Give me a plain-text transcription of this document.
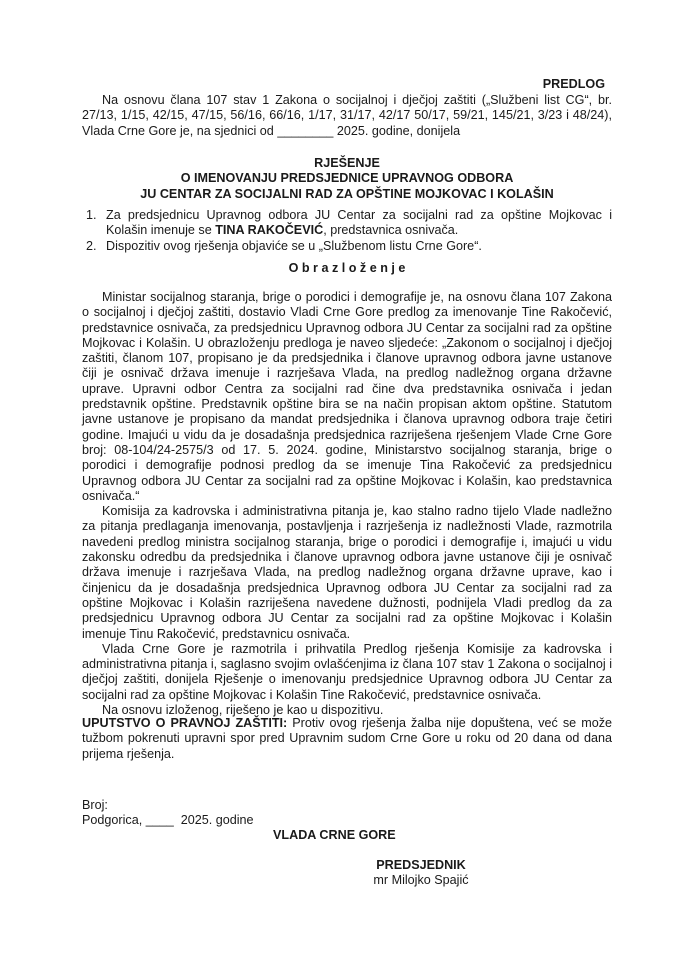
PREDLOG

Na osnovu člana 107 stav 1 Zakona o socijalnoj i dječjoj zaštiti („Službeni list CG“, br. 27/13, 1/15, 42/15, 47/15, 56/16, 66/16, 1/17, 31/17, 42/17 50/17, 59/21, 145/21, 3/23 i 48/24), Vlada Crne Gore je, na sjednici od ________ 2025. godine, donijela

RJEŠENJE
O IMENOVANJU PREDSJEDNICE UPRAVNOG ODBORA
JU CENTAR ZA SOCIJALNI RAD ZA OPŠTINE MOJKOVAC I KOLAŠIN
1. Za predsjednicu Upravnog odbora JU Centar za socijalni rad za opštine Mojkovac i Kolašin imenuje se TINA RAKOČEVIĆ, predstavnica osnivača.
2. Dispozitiv ovog rješenja objaviće se u „Službenom listu Crne Gore“.
O b r a z l o ž e n j e

Ministar socijalnog staranja, brige o porodici i demografije je, na osnovu člana 107 Zakona o socijalnoj i dječjoj zaštiti, dostavio Vladi Crne Gore predlog za imenovanje Tine Rakočević, predstavnice osnivača, za predsjednicu Upravnog odbora JU Centar za socijalni rad za opštine Mojkovac i Kolašin. U obrazloženju predloga je naveo sljedeće: „Zakonom o socijalnoj i dječjoj zaštiti, članom 107, propisano je da predsjednika i članove upravnog odbora javne ustanove čiji je osnivač država imenuje i razrješava Vlada, na predlog nadležnog organa državne uprave. Upravni odbor Centra za socijalni rad čine dva predstavnika osnivača i jedan predstavnik opštine. Predstavnik opštine bira se na način propisan aktom opštine. Statutom javne ustanove je propisano da mandat predsjednika i članova upravnog odbora traje četiri godine. Imajući u vidu da je dosadašnja predsjednica razriješena rješenjem Vlade Crne Gore broj: 08-104/24-2575/3 od 17. 5. 2024. godine, Ministarstvo socijalnog staranja, brige o porodici i demografije podnosi predlog da se imenuje Tina Rakočević za predsjednicu Upravnog odbora JU Centar za socijalni rad za opštine Mojkovac i Kolašin, kao predstavnica osnivača.“

Komisija za kadrovska i administrativna pitanja je, kao stalno radno tijelo Vlade nadležno za pitanja predlaganja imenovanja, postavljenja i razrješenja iz nadležnosti Vlade, razmotrila navedeni predlog ministra socijalnog staranja, brige o porodici i demografije i, imajući u vidu zakonsku odredbu da predsjednika i članove upravnog odbora javne ustanove čiji je osnivač država imenuje i razrješava Vlada, na predlog nadležnog organa državne uprave, kao i činjenicu da je dosadašnja predsjednica Upravnog odbora JU Centar za socijalni rad za opštine Mojkovac i Kolašin razriješena navedene dužnosti, podnijela Vladi predlog da za predsjednicu Upravnog odbora JU Centar za socijalni rad za opštine Mojkovac i Kolašin imenuje Tinu Rakočević, predstavnicu osnivača.

Vlada Crne Gore je razmotrila i prihvatila Predlog rješenja Komisije za kadrovska i administrativna pitanja i, saglasno svojim ovlašćenjima iz člana 107 stav 1 Zakona o socijalnoj i dječjoj zaštiti, donijela Rješenje o imenovanju predsjednice Upravnog odbora JU Centar za socijalni rad za opštine Mojkovac i Kolašin Tine Rakočević, predstavnice osnivača.

Na osnovu izloženog, riješeno je kao u dispozitivu.

UPUTSTVO O PRAVNOJ ZAŠTITI: Protiv ovog rješenja žalba nije dopuštena, već se može tužbom pokrenuti upravni spor pred Upravnim sudom Crne Gore u roku od 20 dana od dana prijema rješenja.

Broj:
Podgorica, ____  2025. godine
VLADA CRNE GORE
PREDSJEDNIK
mr Milojko Spajić
